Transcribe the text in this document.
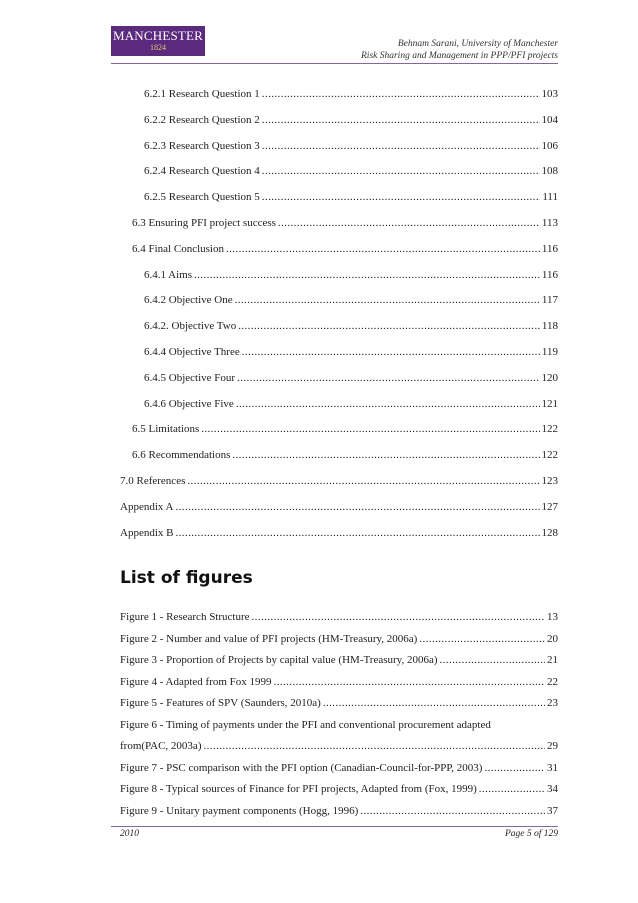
MANCHESTER
1824	Behnam Sarani, University of Manchester
Risk Sharing and Management in PPP/PFI projects
6.2.1 Research Question 1 .....	103
6.2.2 Research Question 2 .....	104
6.2.3 Research Question 3 .....	106
6.2.4 Research Question 4 .....	108
6.2.5 Research Question 5 .....	111
6.3 Ensuring PFI project success .....	113
6.4 Final Conclusion .....	116
6.4.1 Aims .....	116
6.4.2 Objective One .....	117
6.4.2. Objective Two .....	118
6.4.4 Objective Three .....	119
6.4.5 Objective Four .....	120
6.4.6 Objective Five .....	121
6.5 Limitations .....	122
6.6 Recommendations .....	122
7.0 References .....	123
Appendix A .....	127
Appendix B .....	128
List of figures
Figure 1 - Research Structure .....	13
Figure 2 - Number and value of PFI projects (HM-Treasury, 2006a) .....	20
Figure 3 - Proportion of Projects by capital value (HM-Treasury, 2006a) .....	21
Figure 4 - Adapted from Fox 1999 .....	22
Figure 5 - Features of SPV (Saunders, 2010a) .....	23
Figure 6 - Timing of payments under the PFI and conventional procurement adapted
from(PAC, 2003a) .....	29
Figure 7 - PSC comparison with the PFI option (Canadian-Council-for-PPP, 2003) .....	31
Figure 8 - Typical sources of Finance for PFI projects, Adapted from (Fox, 1999) .....	34
Figure 9 - Unitary payment components (Hogg, 1996) .....	37
2010	Page 5 of 129
